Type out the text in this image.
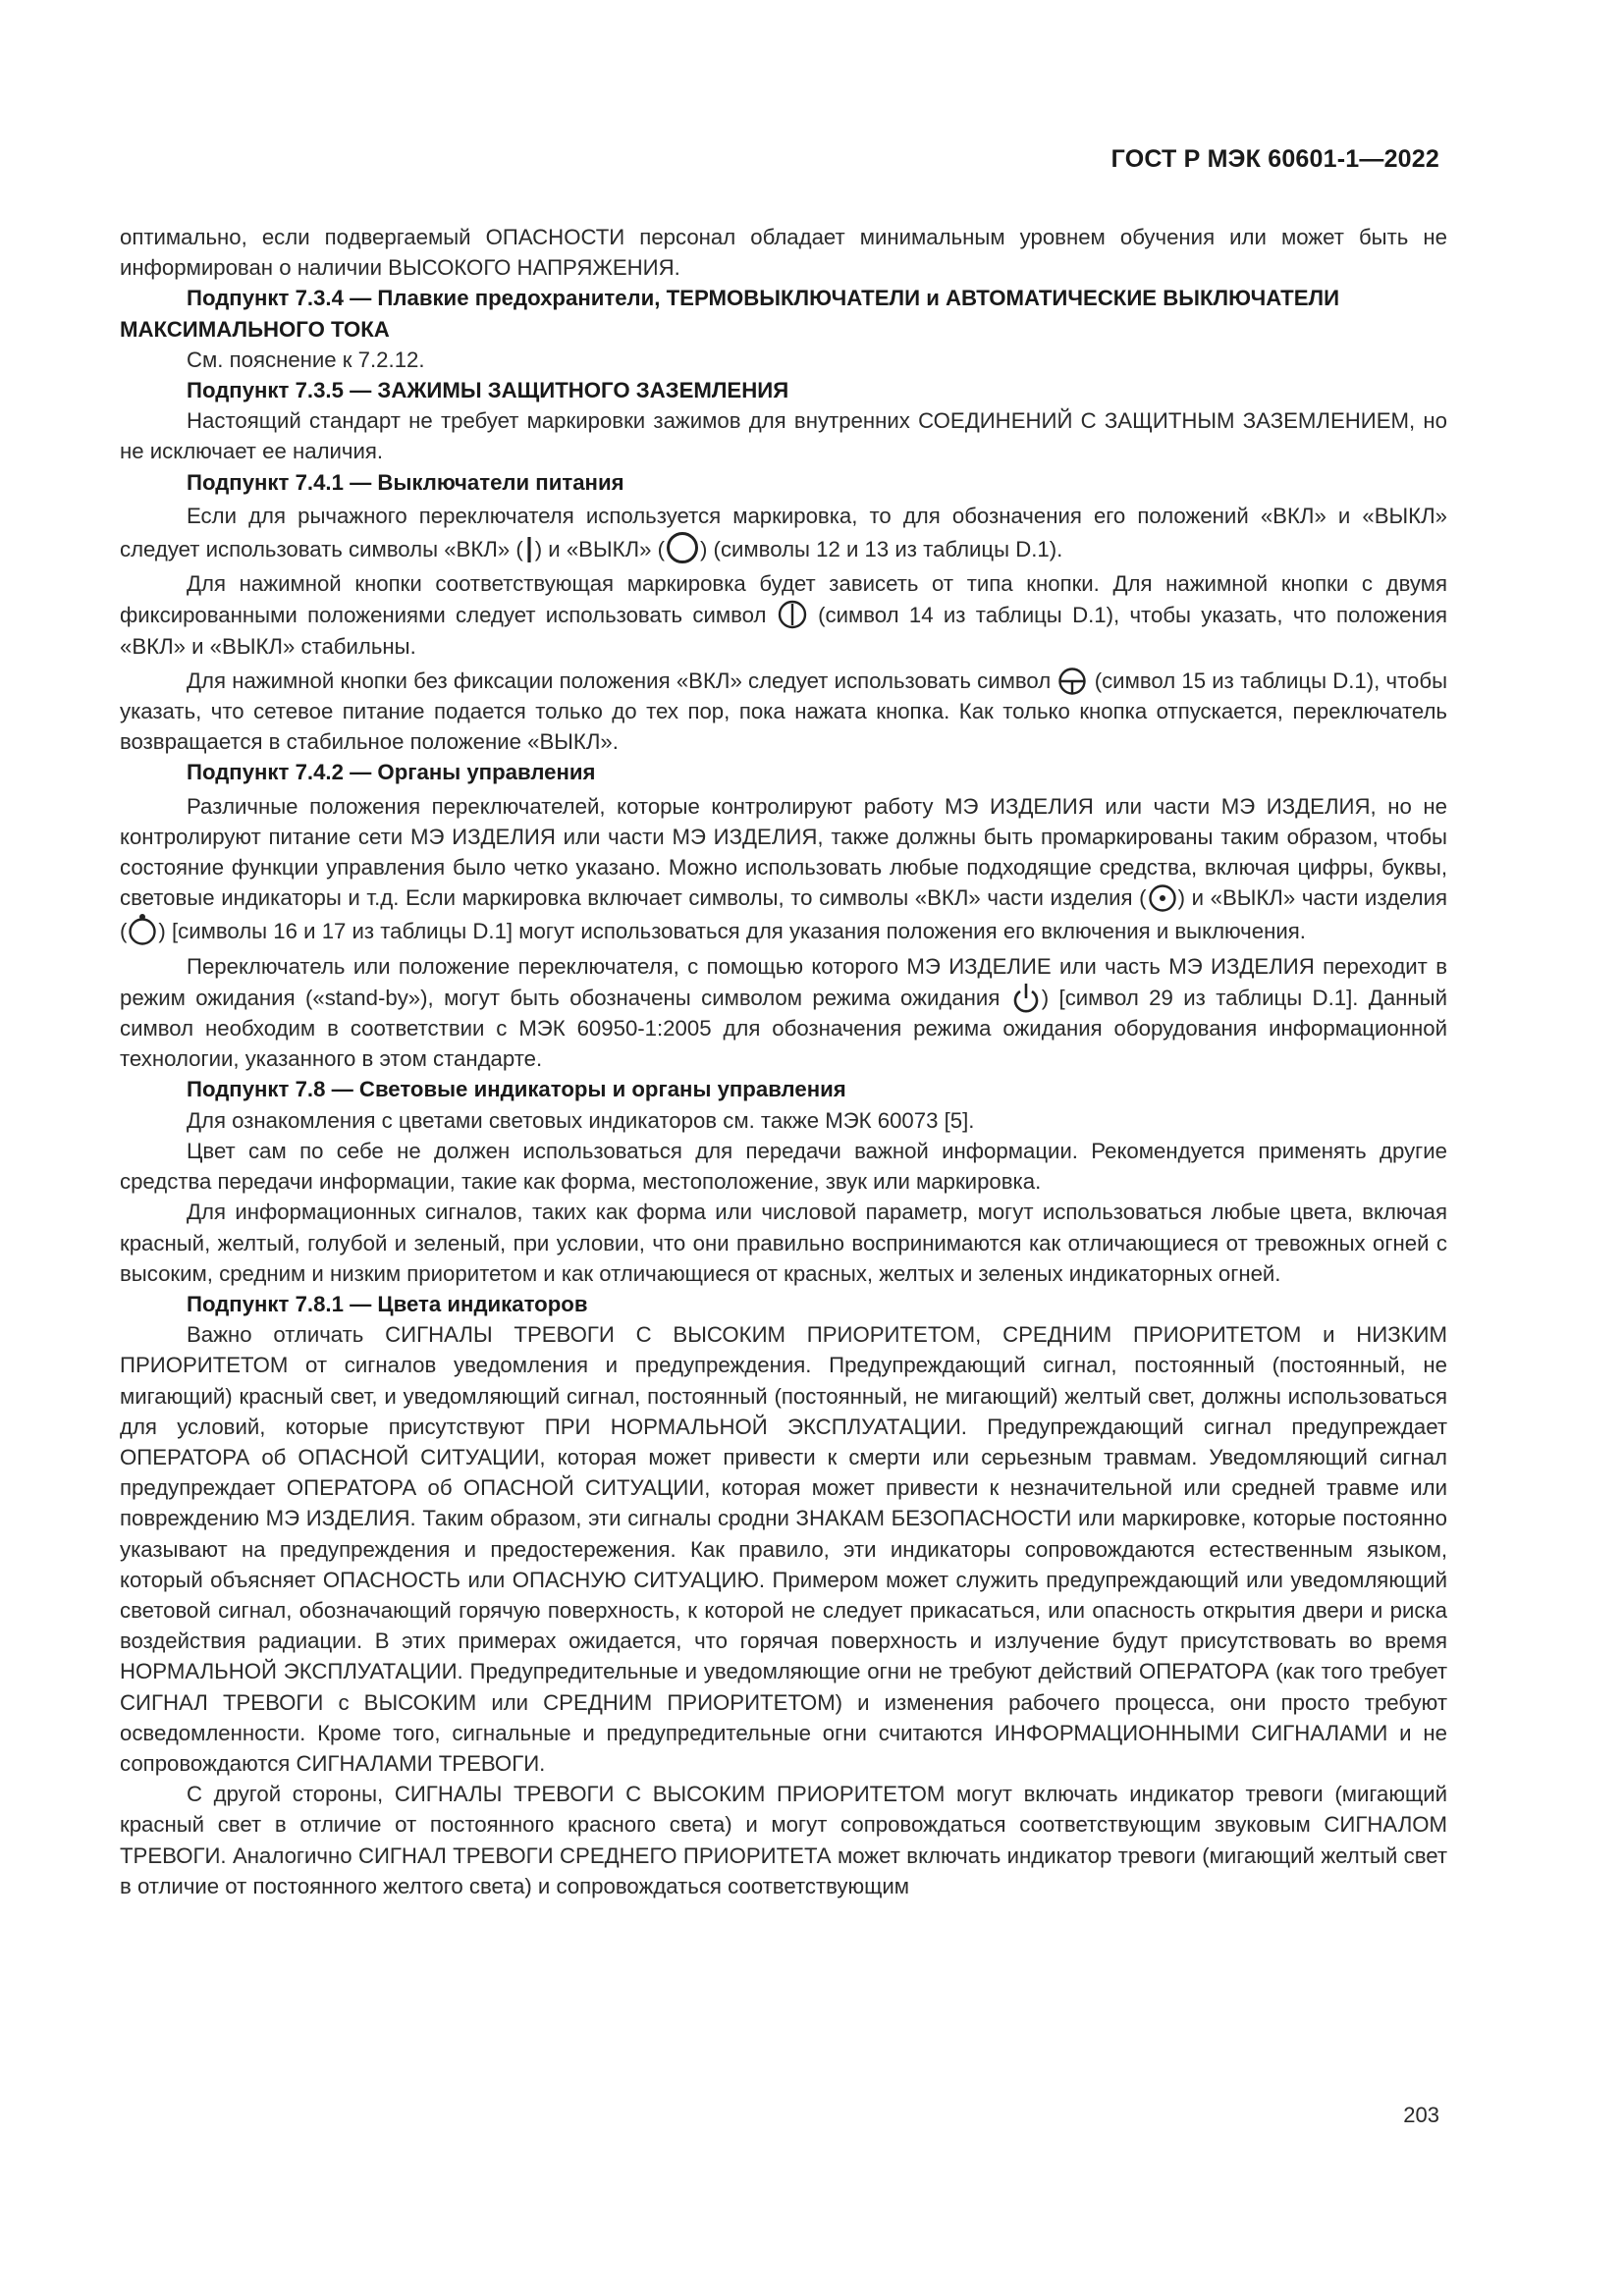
ГОСТ Р МЭК 60601-1—2022

оптимально, если подвергаемый ОПАСНОСТИ персонал обладает минимальным уровнем обучения или может быть не информирован о наличии ВЫСОКОГО НАПРЯЖЕНИЯ.

Подпункт 7.3.4 — Плавкие предохранители, ТЕРМОВЫКЛЮЧАТЕЛИ и АВТОМАТИЧЕСКИЕ ВЫКЛЮЧАТЕЛИ МАКСИМАЛЬНОГО ТОКА

См. пояснение к 7.2.12.

Подпункт 7.3.5 — ЗАЖИМЫ ЗАЩИТНОГО ЗАЗЕМЛЕНИЯ

Настоящий стандарт не требует маркировки зажимов для внутренних СОЕДИНЕНИЙ С ЗАЩИТНЫМ ЗАЗЕМЛЕНИЕМ, но не исключает ее наличия.

Подпункт 7.4.1 — Выключатели питания

Если для рычажного переключателя используется маркировка, то для обозначения его положений «ВКЛ» и «ВЫКЛ» следует использовать символы «ВКЛ» ( ) и «ВЫКЛ» ( ) (символы 12 и 13 из таблицы D.1).

Для нажимной кнопки соответствующая маркировка будет зависеть от типа кнопки. Для нажимной кнопки с двумя фиксированными положениями следует использовать символ (символ 14 из таблицы D.1), чтобы указать, что положения «ВКЛ» и «ВЫКЛ» стабильны.

Для нажимной кнопки без фиксации положения «ВКЛ» следует использовать символ (символ 15 из таблицы D.1), чтобы указать, что сетевое питание подается только до тех пор, пока нажата кнопка. Как только кнопка отпускается, переключатель возвращается в стабильное положение «ВЫКЛ».

Подпункт 7.4.2 — Органы управления

Различные положения переключателей, которые контролируют работу МЭ ИЗДЕЛИЯ или части МЭ ИЗДЕЛИЯ, но не контролируют питание сети МЭ ИЗДЕЛИЯ или части МЭ ИЗДЕЛИЯ, также должны быть промаркированы таким образом, чтобы состояние функции управления было четко указано. Можно использовать любые подходящие средства, включая цифры, буквы, световые индикаторы и т.д. Если маркировка включает символы, то символы «ВКЛ» части изделия ( ) и «ВЫКЛ» части изделия ( ) [символы 16 и 17 из таблицы D.1] могут использоваться для указания положения его включения и выключения.

Переключатель или положение переключателя, с помощью которого МЭ ИЗДЕЛИЕ или часть МЭ ИЗДЕЛИЯ переходит в режим ожидания («stand-by»), могут быть обозначены символом режима ожидания ) [символ 29 из таблицы D.1]. Данный символ необходим в соответствии с МЭК 60950-1:2005 для обозначения режима ожидания оборудования информационной технологии, указанного в этом стандарте.

Подпункт 7.8 — Световые индикаторы и органы управления

Для ознакомления с цветами световых индикаторов см. также МЭК 60073 [5].

Цвет сам по себе не должен использоваться для передачи важной информации. Рекомендуется применять другие средства передачи информации, такие как форма, местоположение, звук или маркировка.

Для информационных сигналов, таких как форма или числовой параметр, могут использоваться любые цвета, включая красный, желтый, голубой и зеленый, при условии, что они правильно воспринимаются как отличающиеся от тревожных огней с высоким, средним и низким приоритетом и как отличающиеся от красных, желтых и зеленых индикаторных огней.

Подпункт 7.8.1 — Цвета индикаторов

Важно отличать СИГНАЛЫ ТРЕВОГИ С ВЫСОКИМ ПРИОРИТЕТОМ, СРЕДНИМ ПРИОРИТЕТОМ и НИЗКИМ ПРИОРИТЕТОМ от сигналов уведомления и предупреждения. Предупреждающий сигнал, постоянный (постоянный, не мигающий) красный свет, и уведомляющий сигнал, постоянный (постоянный, не мигающий) желтый свет, должны использоваться для условий, которые присутствуют ПРИ НОРМАЛЬНОЙ ЭКСПЛУАТАЦИИ. Предупреждающий сигнал предупреждает ОПЕРАТОРА об ОПАСНОЙ СИТУАЦИИ, которая может привести к смерти или серьезным травмам. Уведомляющий сигнал предупреждает ОПЕРАТОРА об ОПАСНОЙ СИТУАЦИИ, которая может привести к незначительной или средней травме или повреждению МЭ ИЗДЕЛИЯ. Таким образом, эти сигналы сродни ЗНАКАМ БЕЗОПАСНОСТИ или маркировке, которые постоянно указывают на предупреждения и предостережения. Как правило, эти индикаторы сопровождаются естественным языком, который объясняет ОПАСНОСТЬ или ОПАСНУЮ СИТУАЦИЮ. Примером может служить предупреждающий или уведомляющий световой сигнал, обозначающий горячую поверхность, к которой не следует прикасаться, или опасность открытия двери и риска воздействия радиации. В этих примерах ожидается, что горячая поверхность и излучение будут присутствовать во время НОРМАЛЬНОЙ ЭКСПЛУАТАЦИИ. Предупредительные и уведомляющие огни не требуют действий ОПЕРАТОРА (как того требует СИГНАЛ ТРЕВОГИ с ВЫСОКИМ или СРЕДНИМ ПРИОРИТЕТОМ) и изменения рабочего процесса, они просто требуют осведомленности. Кроме того, сигнальные и предупредительные огни считаются ИНФОРМАЦИОННЫМИ СИГНАЛАМИ и не сопровождаются СИГНАЛАМИ ТРЕВОГИ.

С другой стороны, СИГНАЛЫ ТРЕВОГИ С ВЫСОКИМ ПРИОРИТЕТОМ могут включать индикатор тревоги (мигающий красный свет в отличие от постоянного красного света) и могут сопровождаться соответствующим звуковым СИГНАЛОМ ТРЕВОГИ. Аналогично СИГНАЛ ТРЕВОГИ СРЕДНЕГО ПРИОРИТЕТА может включать индикатор тревоги (мигающий желтый свет в отличие от постоянного желтого света) и сопровождаться соответствующим

203
